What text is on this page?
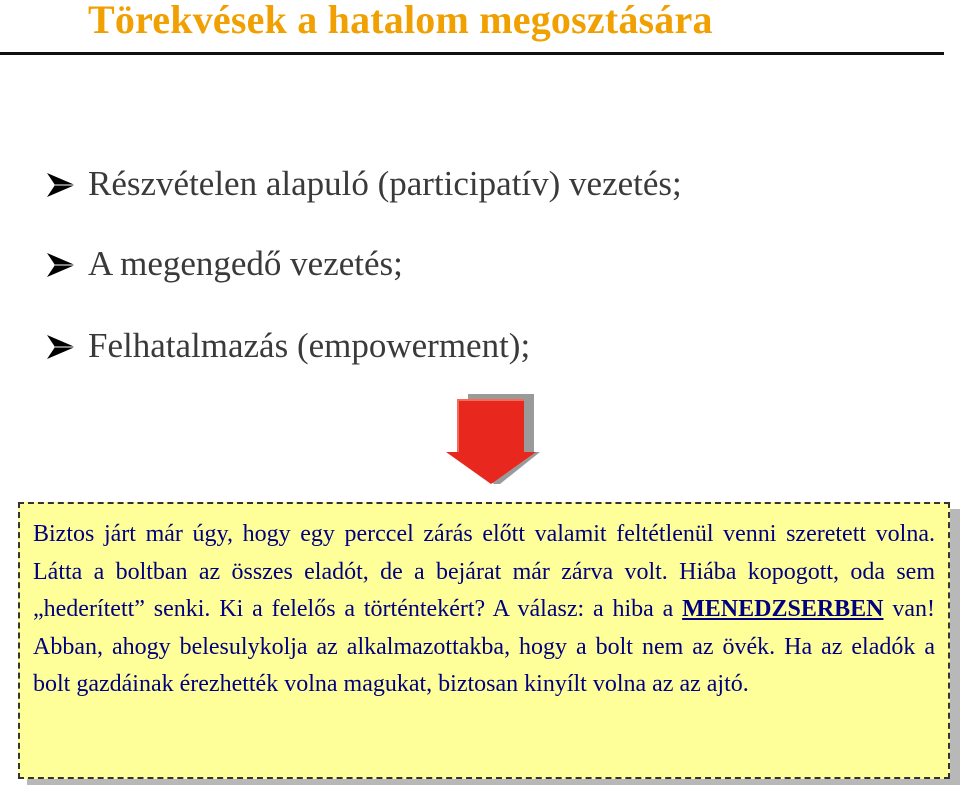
Törekvések a hatalom megosztására
Részvételen alapuló (participatív) vezetés;
A megengedő vezetés;
Felhatalmazás (empowerment);
Biztos járt már úgy, hogy egy perccel zárás előtt valamit feltétlenül venni szeretett volna. Látta a boltban az összes eladót, de a bejárat már zárva volt. Hiába kopogott, oda sem „hederített” senki. Ki a felelős a történtekért? A válasz: a hiba a MENEDZSERBEN van! Abban, ahogy belesulykolja az alkalmazottakba, hogy a bolt nem az övék. Ha az eladók a bolt gazdáinak érezhették volna magukat, biztosan kinyílt volna az az ajtó.
